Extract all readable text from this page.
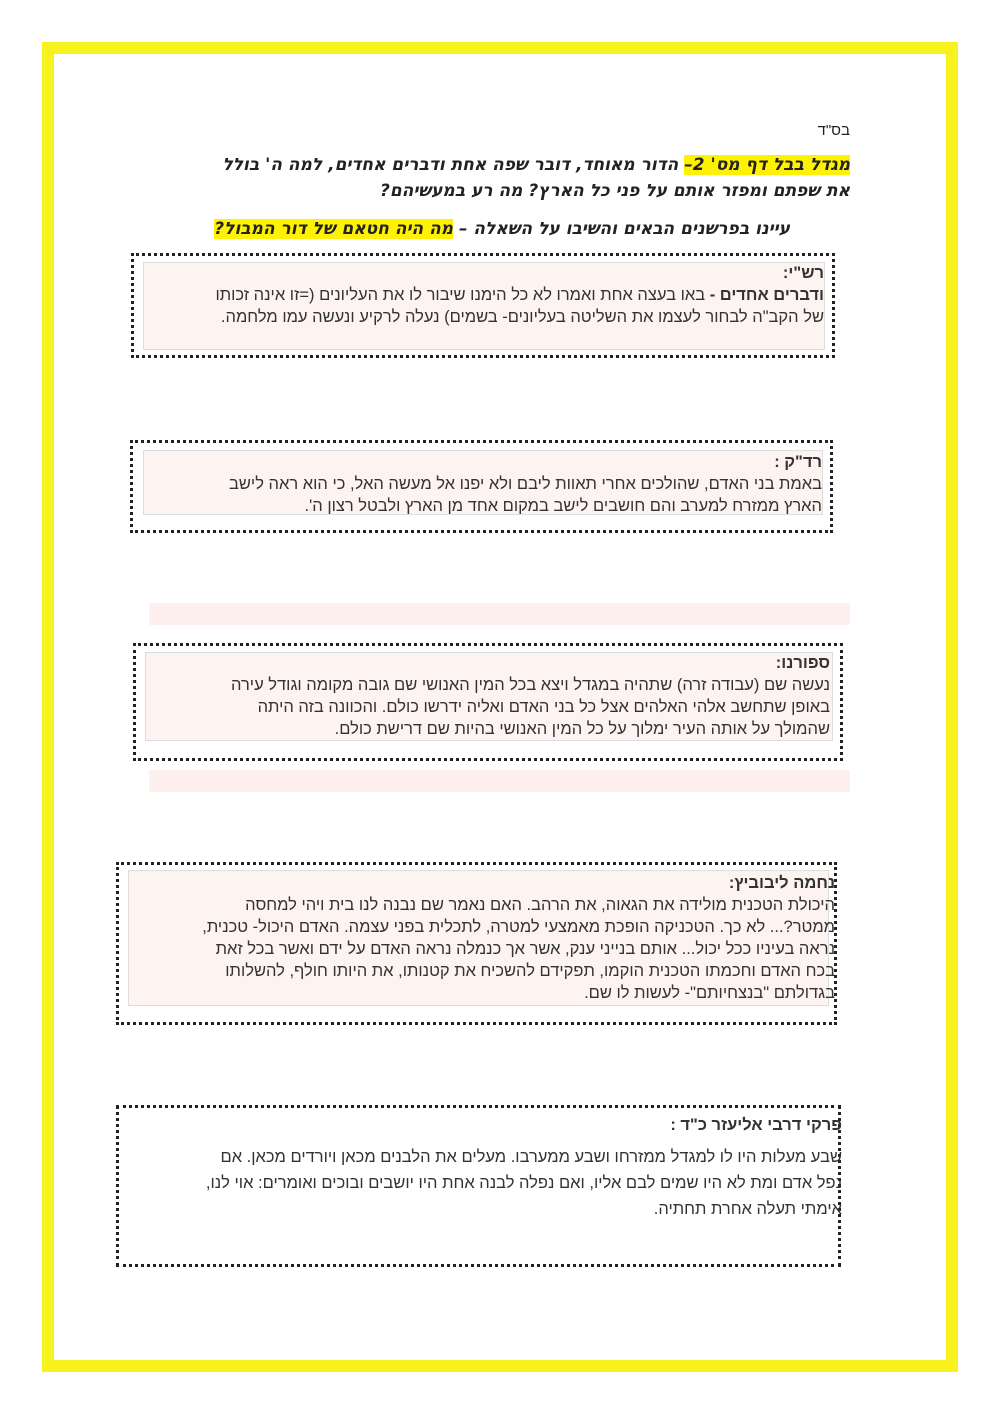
בס"ד
מגדל בבל דף מס' 2– הדור מאוחד, דובר שפה אחת ודברים אחדים, למה ה' בולל
את שפתם ומפזר אותם על פני כל הארץ? מה רע במעשיהם?
עיינו בפרשנים הבאים והשיבו על השאלה – מה היה חטאם של דור המבול?
רש"י:
ודברים אחדים - באו בעצה אחת ואמרו לא כל הימנו שיבור לו את העליונים (=זו אינה זכותו
של הקב"ה לבחור לעצמו את השליטה בעליונים- בשמים) נעלה לרקיע ונעשה עמו מלחמה.
רד"ק :
באמת בני האדם, שהולכים אחרי תאוות ליבם ולא יפנו אל מעשה האל, כי הוא ראה לישב
הארץ ממזרח למערב והם חושבים לישב במקום אחד מן הארץ ולבטל רצון ה'.
ספורנו:
נעשה שם (עבודה זרה) שתהיה במגדל ויצא בכל המין האנושי שם גובה מקומה וגודל עירה
באופן שתחשב אלהי האלהים אצל כל בני האדם ואליה ידרשו כולם. והכוונה בזה היתה
שהמולך על אותה העיר ימלוך על כל המין האנושי בהיות שם דרישת כולם.
נחמה ליבוביץ:
היכולת הטכנית מולידה את הגאוה, את הרהב. האם נאמר שם נבנה לנו בית ויהי למחסה
ממטר?... לא כך. הטכניקה הופכת מאמצעי למטרה, לתכלית בפני עצמה. האדם היכול- טכנית,
נראה בעיניו ככל יכול... אותם בנייני ענק, אשר אך כנמלה נראה האדם על ידם ואשר בכל זאת
בכח האדם וחכמתו הטכנית הוקמו, תפקידם להשכיח את קטנותו, את היותו חולף, להשלותו
בגדולתם "בנצחיותם"- לעשות לו שם.
פרקי דרבי אליעזר כ"ד :
שבע מעלות היו לו למגדל ממזרחו ושבע ממערבו. מעלים את הלבנים מכאן ויורדים מכאן. אם
נפל אדם ומת לא היו שמים לבם אליו, ואם נפלה לבנה אחת היו יושבים ובוכים ואומרים: אוי לנו,
אימתי תעלה אחרת תחתיה.
